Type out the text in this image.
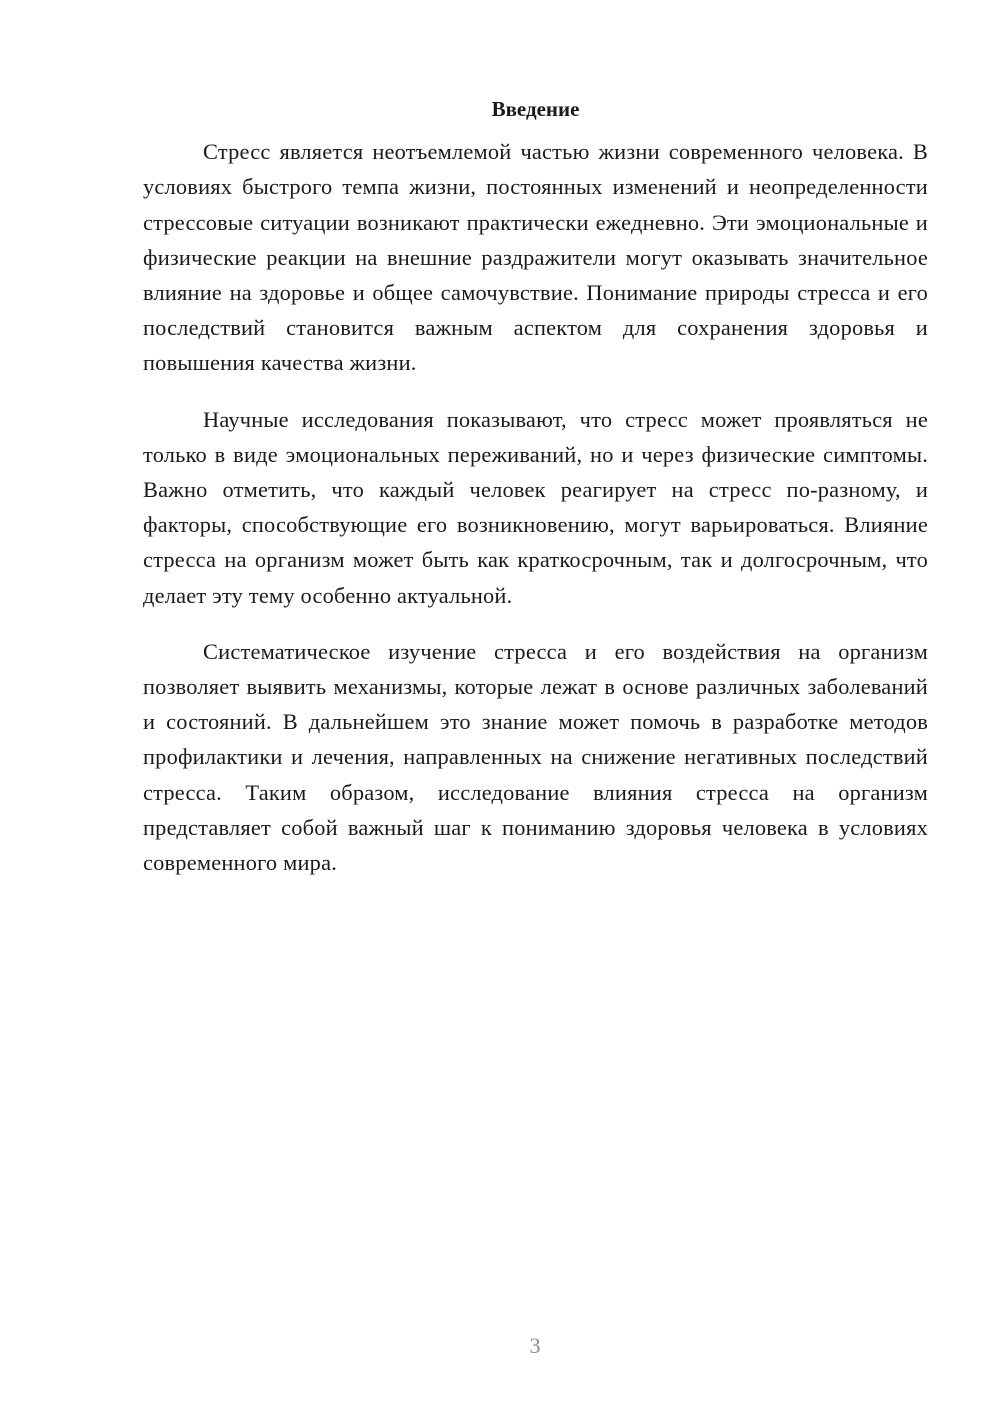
Введение

Стресс является неотъемлемой частью жизни современного человека. В условиях быстрого темпа жизни, постоянных изменений и неопределенности стрессовые ситуации возникают практически ежедневно. Эти эмоциональные и физические реакции на внешние раздражители могут оказывать значительное влияние на здоровье и общее самочувствие. Понимание природы стресса и его последствий становится важным аспектом для сохранения здоровья и повышения качества жизни.

Научные исследования показывают, что стресс может проявляться не только в виде эмоциональных переживаний, но и через физические симптомы. Важно отметить, что каждый человек реагирует на стресс по-разному, и факторы, способствующие его возникновению, могут варьироваться. Влияние стресса на организм может быть как краткосрочным, так и долгосрочным, что делает эту тему особенно актуальной.

Систематическое изучение стресса и его воздействия на организм позволяет выявить механизмы, которые лежат в основе различных заболеваний и состояний. В дальнейшем это знание может помочь в разработке методов профилактики и лечения, направленных на снижение негативных последствий стресса. Таким образом, исследование влияния стресса на организм представляет собой важный шаг к пониманию здоровья человека в условиях современного мира.

3
